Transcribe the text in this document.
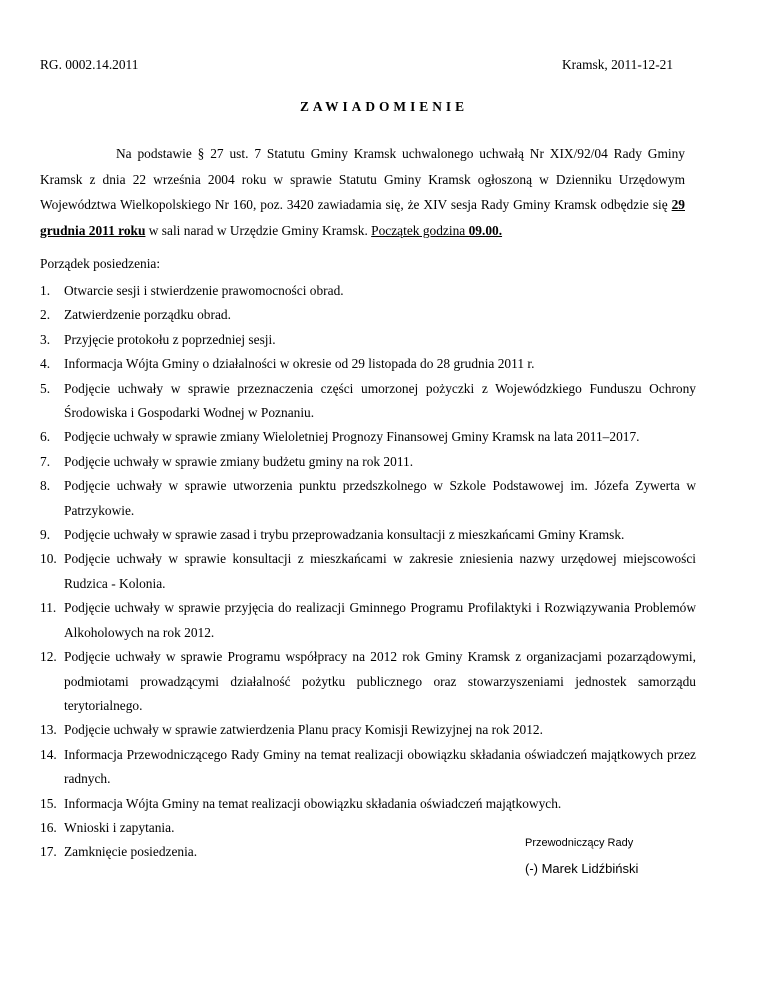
RG. 0002.14.2011	Kramsk, 2011-12-21
ZAWIADOMIENIE
Na podstawie § 27 ust. 7 Statutu Gminy Kramsk uchwalonego uchwałą Nr XIX/92/04 Rady Gminy Kramsk z dnia 22 września 2004 roku w sprawie Statutu Gminy Kramsk ogłoszoną w Dzienniku Urzędowym Województwa Wielkopolskiego Nr 160, poz. 3420 zawiadamia się, że XIV sesja Rady Gminy Kramsk odbędzie się 29 grudnia 2011 roku w sali narad w Urzędzie Gminy Kramsk. Początek godzina 09.00.
Porządek posiedzenia:
1.	Otwarcie sesji i stwierdzenie prawomocności obrad.
2.	Zatwierdzenie porządku obrad.
3.	Przyjęcie protokołu z poprzedniej sesji.
4.	Informacja Wójta Gminy o działalności w okresie od 29 listopada do 28 grudnia 2011 r.
5.	Podjęcie uchwały w sprawie przeznaczenia części umorzonej pożyczki z Wojewódzkiego Funduszu Ochrony Środowiska i Gospodarki Wodnej w Poznaniu.
6.	Podjęcie uchwały w sprawie zmiany Wieloletniej Prognozy Finansowej Gminy Kramsk na lata 2011–2017.
7.	Podjęcie uchwały w sprawie zmiany budżetu gminy na rok 2011.
8.	Podjęcie uchwały w sprawie utworzenia punktu przedszkolnego w Szkole Podstawowej im. Józefa Zywerta w Patrzykowie.
9.	Podjęcie uchwały w sprawie zasad i trybu przeprowadzania konsultacji z mieszkańcami Gminy Kramsk.
10. Podjęcie uchwały w sprawie konsultacji z mieszkańcami w zakresie zniesienia nazwy urzędowej miejscowości Rudzica - Kolonia.
11. Podjęcie uchwały w sprawie przyjęcia do realizacji Gminnego Programu Profilaktyki i Rozwiązywania Problemów Alkoholowych na rok 2012.
12. Podjęcie uchwały w sprawie Programu współpracy na 2012 rok Gminy Kramsk z organizacjami pozarządowymi, podmiotami prowadzącymi działalność pożytku publicznego oraz stowarzyszeniami jednostek samorządu terytorialnego.
13. Podjęcie uchwały w sprawie zatwierdzenia Planu pracy Komisji Rewizyjnej na rok 2012.
14. Informacja Przewodniczącego Rady Gminy na temat realizacji obowiązku składania oświadczeń majątkowych przez radnych.
15. Informacja Wójta Gminy na temat realizacji obowiązku składania oświadczeń majątkowych.
16. Wnioski i zapytania.
17. Zamknięcie posiedzenia.
Przewodniczący Rady
(-) Marek Lidźbiński
